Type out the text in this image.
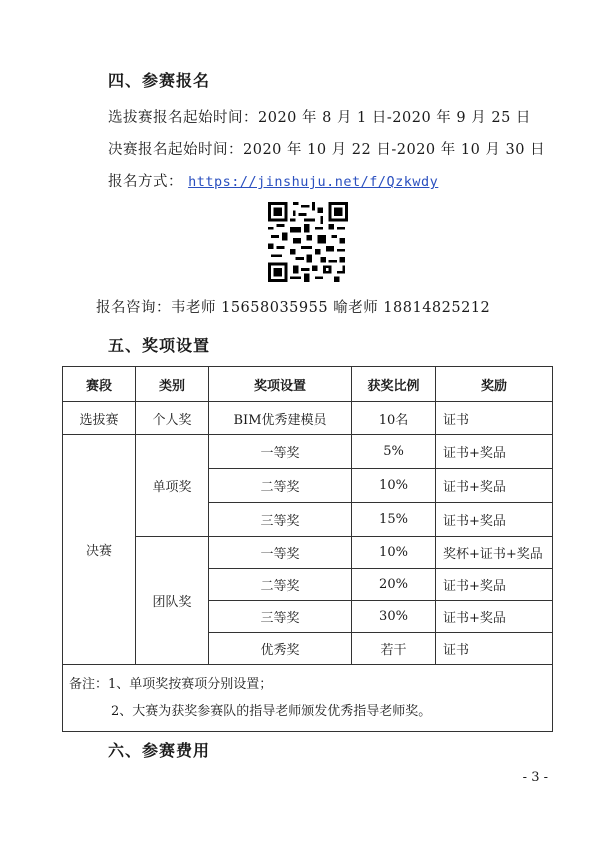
四、参赛报名
选拔赛报名起始时间：2020 年 8 月 1 日-2020 年 9 月 25 日
决赛报名起始时间：2020 年 10 月 22 日-2020 年 10 月 30 日
报名方式： https://jinshuju.net/f/Qzkwdy
报名咨询：韦老师 15658035955 喻老师 18814825212
五、奖项设置
赛段	类别	奖项设置	获奖比例	奖励
选拔赛	个人奖	BIM优秀建模员	10名	证书
决赛	单项奖	一等奖	5%	证书+奖品
		二等奖	10%	证书+奖品
		三等奖	15%	证书+奖品
	团队奖	一等奖	10%	奖杯+证书+奖品
		二等奖	20%	证书+奖品
		三等奖	30%	证书+奖品
		优秀奖	若干	证书

备注：1、单项奖按赛项分别设置；
2、大赛为获奖参赛队的指导老师颁发优秀指导老师奖。				
六、参赛费用
- 3 -
